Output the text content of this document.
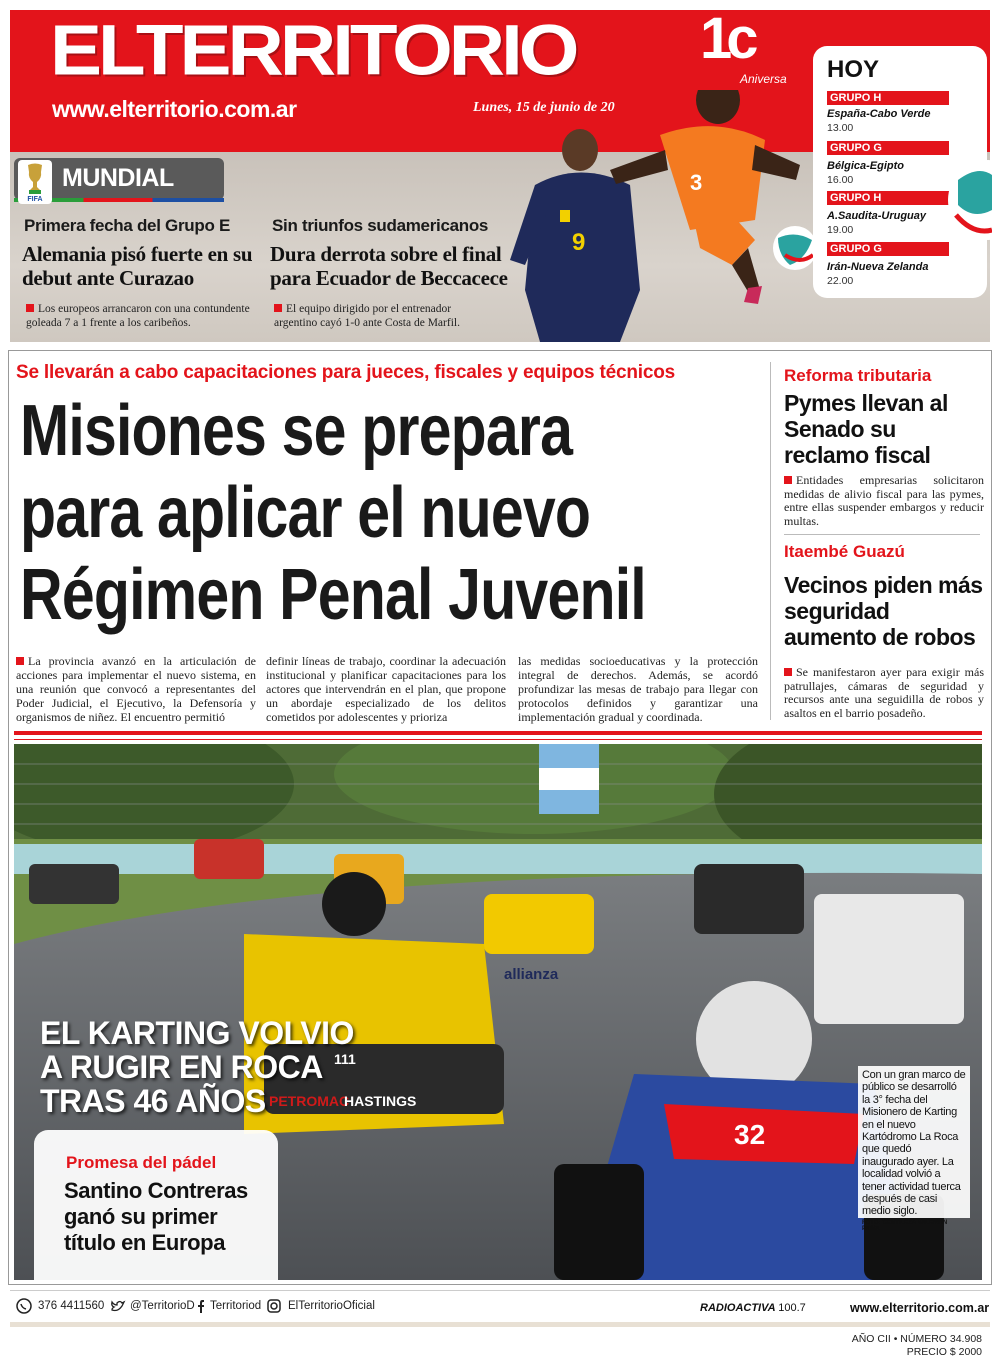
ELTERRITORIO
www.elterritorio.com.ar	Lunes, 15 de junio de 20
1c
Aniversa
FIFA
MUNDIAL
Primera fecha del Grupo E
Alemania pisó fuerte en su debut ante Curazao
Los europeos arrancaron con una contundente goleada 7 a 1 frente a los caribeños.
Sin triunfos sudamericanos
Dura derrota sobre el final para Ecuador de Beccacece
El equipo dirigido por el entrenador argentino cayó 1-0 ante Costa de Marfil.
9
3
HOY
GRUPO H
España-Cabo Verde
13.00
GRUPO G
Bélgica-Egipto
16.00
GRUPO H
A.Saudita-Uruguay
19.00
GRUPO G
Irán-Nueva Zelanda
22.00
Se llevarán a cabo capacitaciones para jueces, fiscales y equipos técnicos
Misiones se prepara
para aplicar el nuevo
Régimen Penal Juvenil
La provincia avanzó en la articulación de acciones para implementar el nuevo sistema, en una reunión que convocó a representantes del Poder Judicial, el Ejecutivo, la Defensoría y organismos de niñez. El encuentro permitió
definir líneas de trabajo, coordinar la adecuación institucional y planificar capacitaciones para los actores que intervendrán en el plan, que propone un abordaje especializado de los delitos cometidos por adolescentes y prioriza
las medidas socioeducativas y la protección integral de derechos. Además, se acordó profundizar las mesas de trabajo para llegar con protocolos definidos y garantizar una implementación gradual y coordinada.
Reforma tributaria
Pymes llevan al Senado su reclamo fiscal
Entidades empresarias solicitaron medidas de alivio fiscal para las pymes, entre ellas suspender embargos y reducir multas.
Itaembé Guazú
Vecinos piden más seguridad aumento de robos
Se manifestaron ayer para exigir más patrullajes, cámaras de seguridad y recursos ante una seguidilla de robos y asaltos en el barrio posadeño.
111
PETROMAC
HASTINGS
allianza
32
EL KARTING VOLVIO A RUGIR EN ROCA TRAS 46 AÑOS
Con un gran marco de público se desarrolló la 3° fecha del Misionero de Karting en el nuevo Kartódromo La Roca que quedó inaugurado ayer. La localidad volvió a tener actividad tuerca después de casi medio siglo.
FOTO: GENTILEZA VALENTÍN PAIVA
Promesa del pádel
Santino Contreras ganó su primer título en Europa
376 4411560 @TerritorioD Territoriod ElTerritorioOficial	RADIOACTIVA 100.7	www.elterritorio.com.ar
AÑO CII • NÚMERO 34.908
PRECIO $ 2000
